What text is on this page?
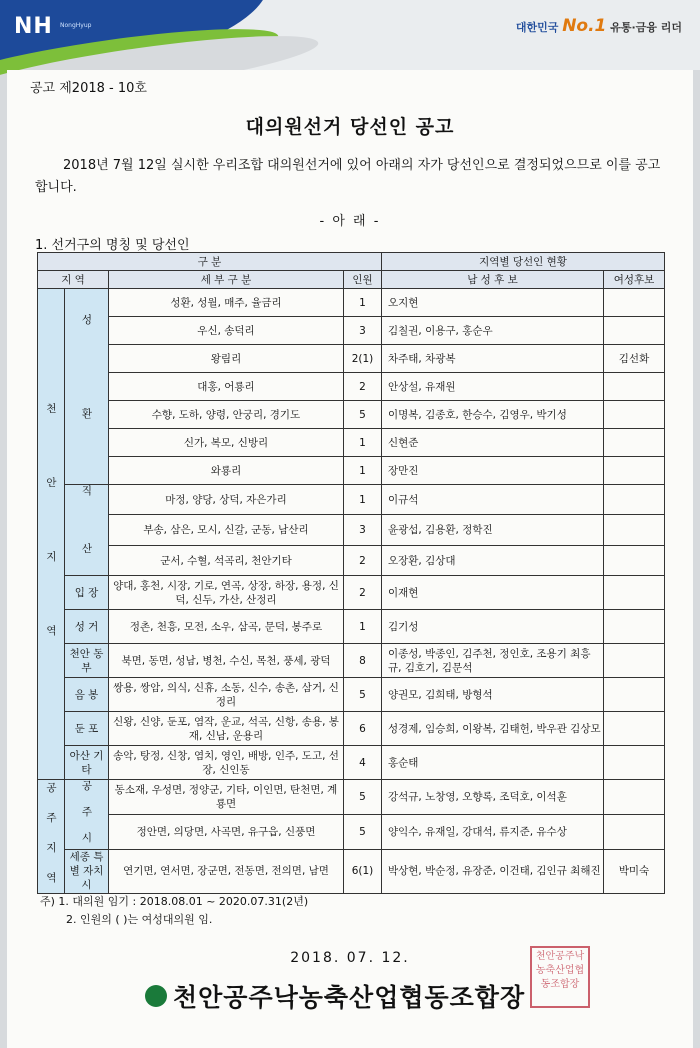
NH NongHyup	대한민국 No.1 유통·금융 리더
공고 제2018 - 10호
대의원선거 당선인 공고
2018년 7월 12일 실시한 우리조합 대의원선거에 있어 아래의 자가 당선인으로 결정되었으므로 이를 공고합니다.
- 아 래 -
1. 선거구의 명칭 및 당선인
구 분				지역별 당선인 현황	
지 역		세 부 구 분	인원	남 성 후 보	여성후보
천 안 지 역	성 환	성환, 성월, 매주, 율금리	1	오지현	
		우신, 송덕리	3	김칠권, 이용구, 홍순우	
		왕림리	2(1)	차주태, 차광복	김선화
		대홍, 어룡리	2	안상설, 유재원	
		수향, 도하, 양령, 안궁리, 경기도	5	이명복, 김종호, 한승수, 김영우, 박기성	
		신가, 복모, 신방리	1	신현준	
		와룡리	1	장만진	
	직 산	마정, 양당, 상덕, 자은가리	1	이규석	
		부송, 삼은, 모시, 신갈, 군동, 남산리	3	윤광섭, 김용환, 정학진	
		군서, 수혈, 석곡리, 천안기타	2	오장환, 김상대	
	입 장	양대, 홍천, 시장, 기로, 연곡, 상장, 하장, 용정, 신덕, 신두, 가산, 산정리	2	이재현	
	성 거	정촌, 천흥, 모전, 소우, 삼곡, 문덕, 봉주로	1	김기성	
	천안 동부	북면, 동면, 성남, 병천, 수신, 목천, 풍세, 광덕	8	이종성, 박종인, 김주천, 정인호, 조용기 최흥규, 김호기, 김문석	
	음 봉	쌍용, 쌍암, 의식, 신휴, 소동, 신수, 송촌, 삼거, 신정리	5	양권모, 김희태, 방형석	
	둔 포	신왕, 신양, 둔포, 염작, 운교, 석곡, 신항, 송용, 봉재, 신남, 운용리	6	성경제, 임승희, 이왕복, 김태헌, 박우관 김상모	
	아산 기타	송악, 탕정, 신창, 염치, 영인, 배방, 인주, 도고, 선장, 신인동	4	홍순태	
공 주 지 역	공 주 시	동소재, 우성면, 정양군, 기타, 이인면, 탄천면, 계룡면	5	강석규, 노창영, 오향록, 조덕호, 이석훈	
		정안면, 의당면, 사곡면, 유구읍, 신풍면	5	양익수, 유재일, 강대석, 류지준, 유수상	
	세종 특별 자치시	연기면, 연서면, 장군면, 전동면, 전의면, 남면	6(1)	박상현, 박순정, 유장준, 이건태, 김인규 최해진	박미숙
주) 1. 대의원 임기 : 2018.08.01 ~ 2020.07.31(2년)
2. 인원의 ( )는 여성대의원 임.
2018. 07. 12.
천안공주낙농축산업협동조합장
천안공주낙농축산업협동조합장
